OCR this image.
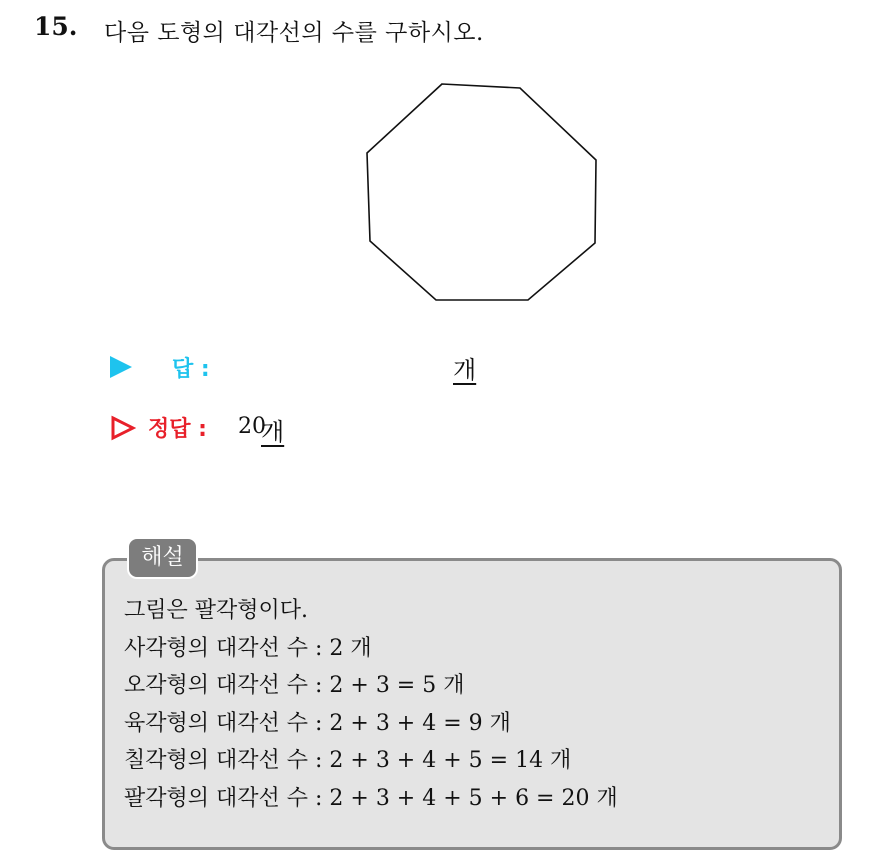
15. 다음 도형의 대각선의 수를 구하시오.
답 :	개
정답 : 20
개
해설
그림은 팔각형이다.
사각형의 대각선 수 : 2 개
오각형의 대각선 수 : 2 + 3 = 5 개
육각형의 대각선 수 : 2 + 3 + 4 = 9 개
칠각형의 대각선 수 : 2 + 3 + 4 + 5 = 14 개
팔각형의 대각선 수 : 2 + 3 + 4 + 5 + 6 = 20 개
